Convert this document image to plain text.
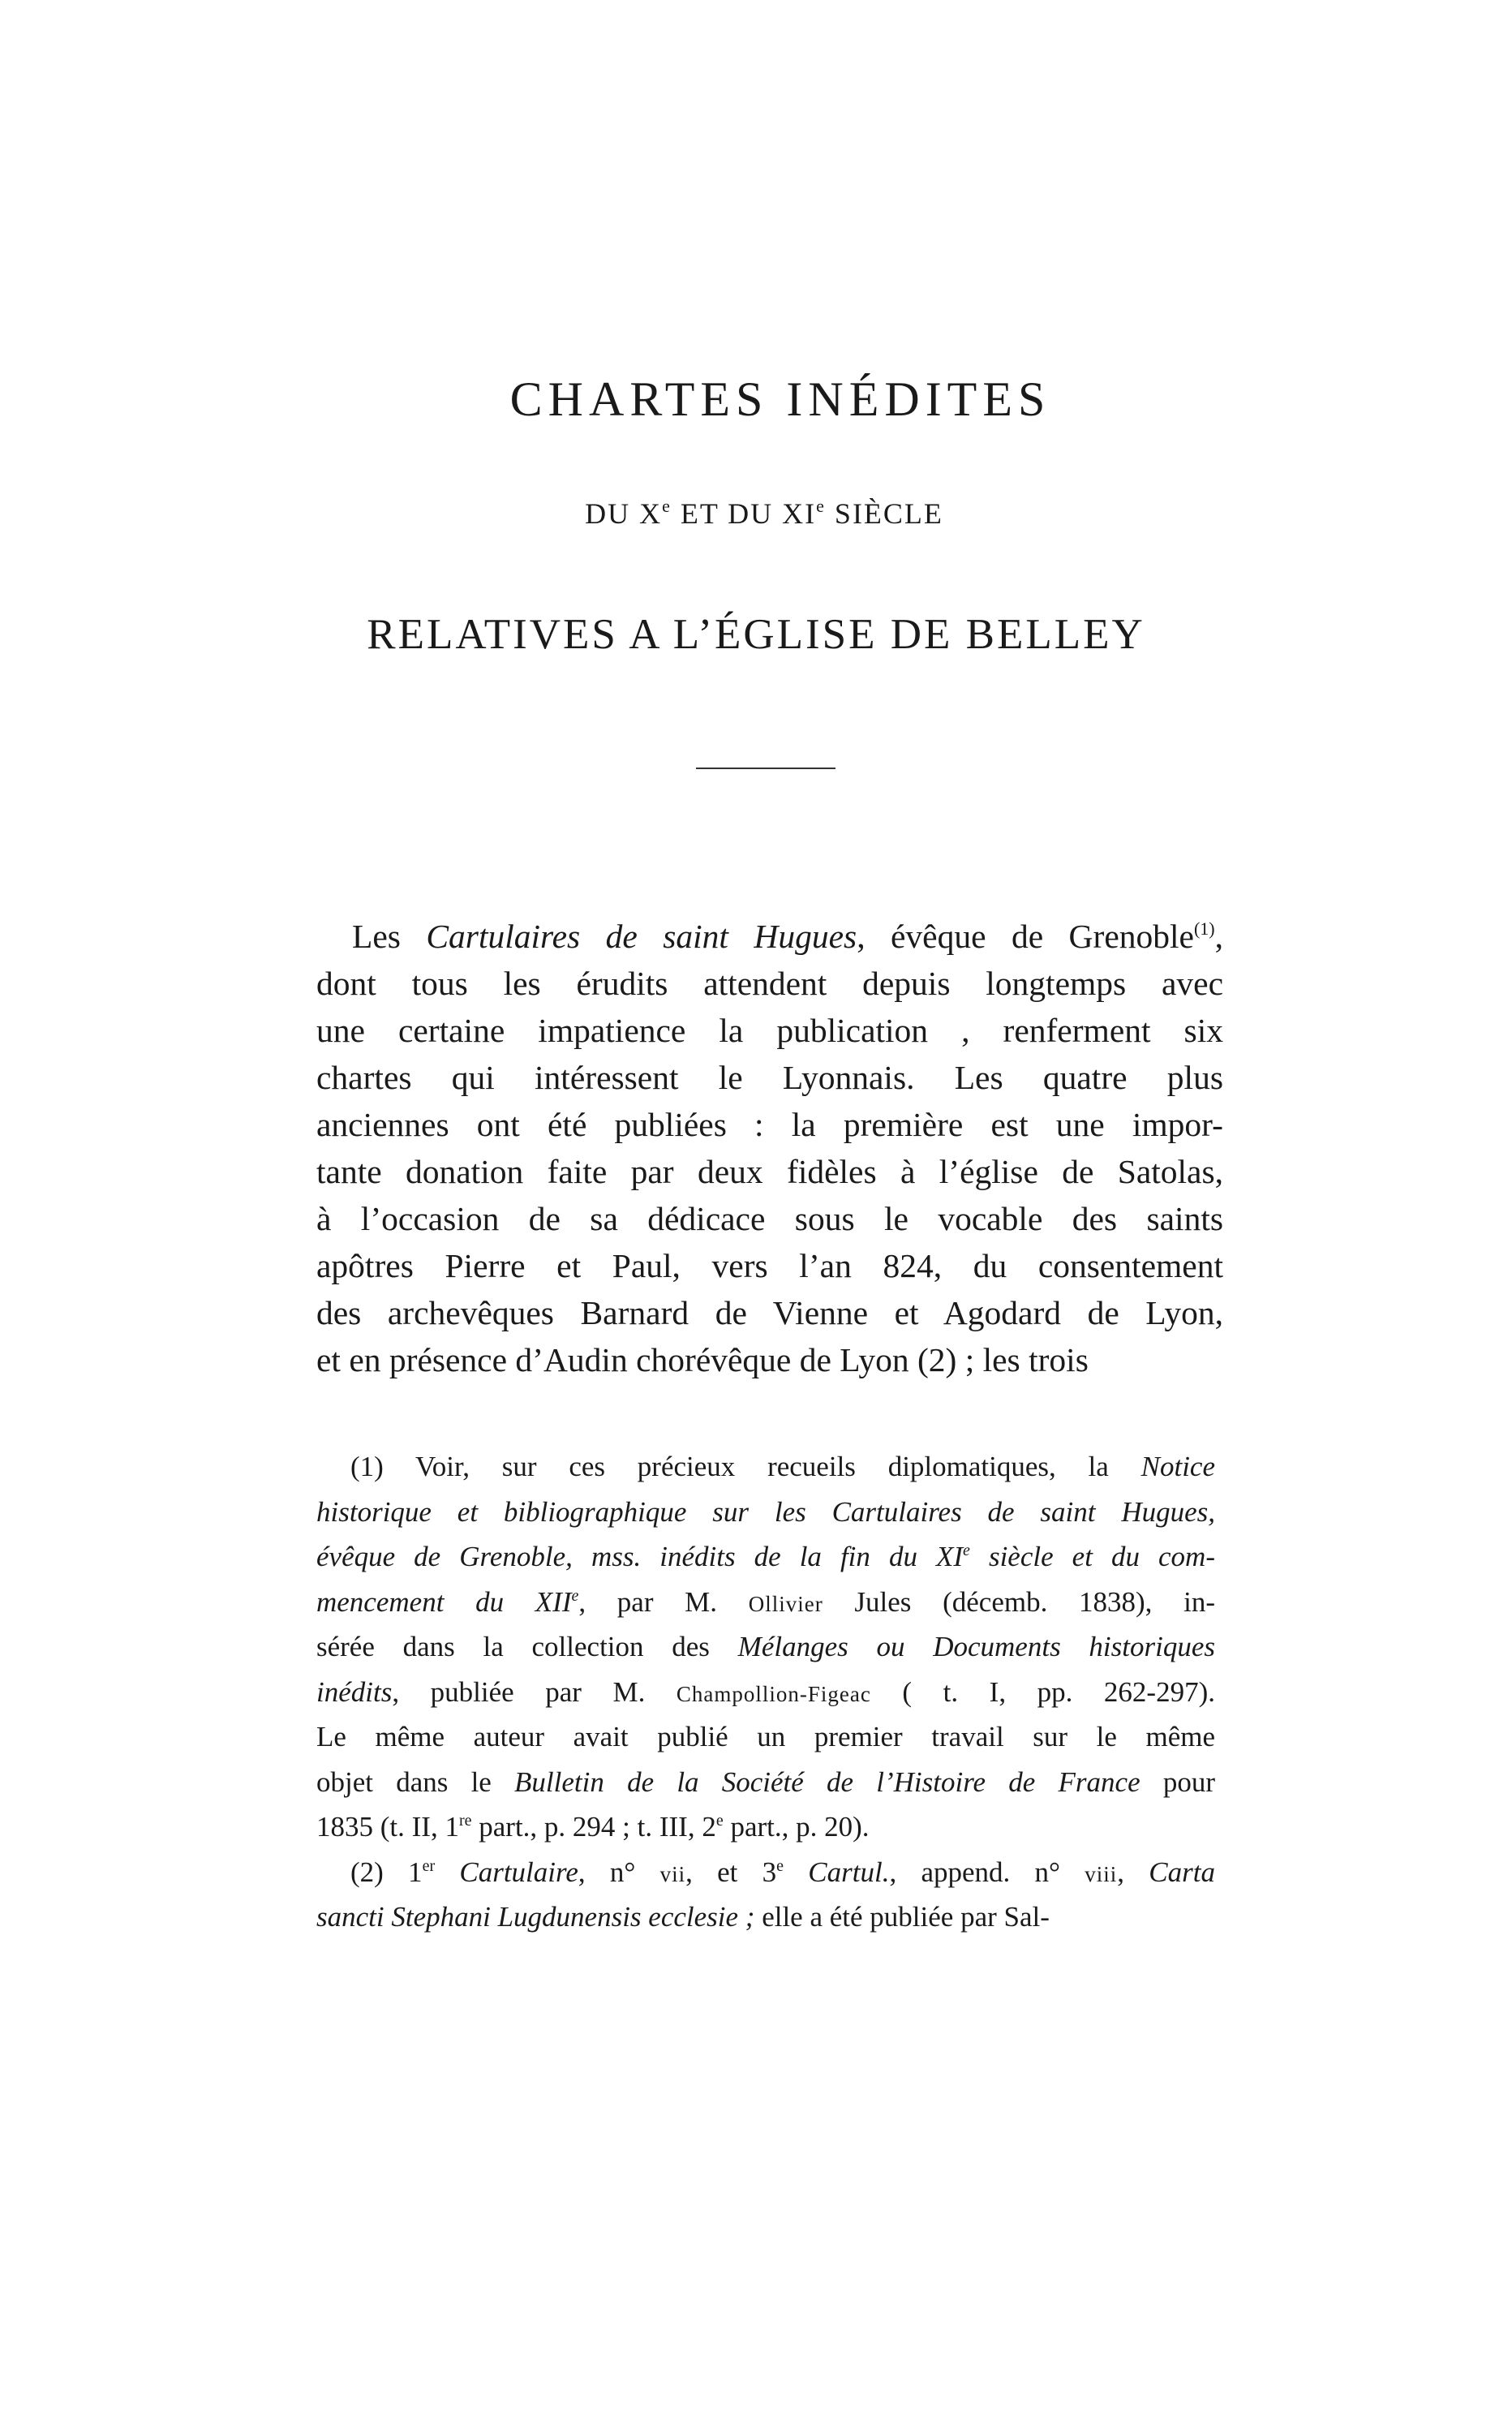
CHARTES INÉDITES
DU Xe ET DU XIe SIÈCLE
RELATIVES A L’ÉGLISE DE BELLEY
Les Cartulaires de saint Hugues, évêque de Grenoble$^{(1)}$,
dont tous les érudits attendent depuis longtemps avec
une certaine impatience la publication , renferment six
chartes qui intéressent le Lyonnais. Les quatre plus
anciennes ont été publiées : la première est une impor-
tante donation faite par deux fidèles à l’église de Satolas,
à l’occasion de sa dédicace sous le vocable des saints
apôtres Pierre et Paul, vers l’an 824, du consentement
des archevêques Barnard de Vienne et Agodard de Lyon,
et en présence d’Audin chorévêque de Lyon (2) ; les trois
(1) Voir, sur ces précieux recueils diplomatiques, la Notice
historique et bibliographique sur les Cartulaires de saint Hugues,
évêque de Grenoble, mss. inédits de la fin du XIe siècle et du com-
mencement du XIIe, par M. Ollivier Jules (décemb. 1838), in-
sérée dans la collection des Mélanges ou Documents historiques
inédits, publiée par M. Champollion-Figeac ( t. I, pp. 262-297).
Le même auteur avait publié un premier travail sur le même
objet dans le Bulletin de la Société de l’Histoire de France pour
1835 (t. II, 1re part., p. 294 ; t. III, 2e part., p. 20).
(2) 1er Cartulaire, n° vii, et 3e Cartul., append. n° viii, Carta
sancti Stephani Lugdunensis ecclesie ; elle a été publiée par Sal-
